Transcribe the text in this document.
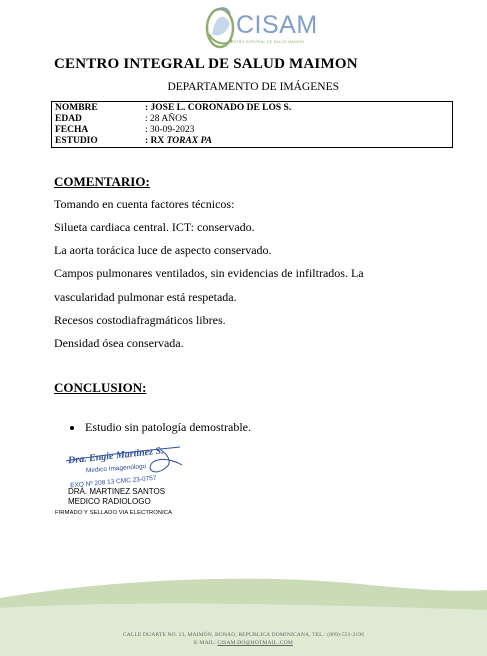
CISAM
CENTRO INTEGRAL DE SALUD MAIMON
CENTRO INTEGRAL DE SALUD MAIMON
DEPARTAMENTO DE IMÁGENES
NOMBRE	: JOSE L. CORONADO DE LOS S.
EDAD	: 28 AÑOS
FECHA	: 30-09-2023
ESTUDIO	: RX TORAX PA
COMENTARIO:
Tomando en cuenta factores técnicos:
Silueta cardiaca central. ICT: conservado.
La aorta torácica luce de aspecto conservado.
Campos pulmonares ventilados, sin evidencias de infiltrados. La
vascularidad pulmonar está respetada.
Recesos costodiafragmáticos libres.
Densidad ósea conservada.
CONCLUSION:
Estudio sin patología demostrable.
Dra. Engie Martinez S.
Medico Imagenólogo
EXQ Nº 208 13 CMC 23-0757
DRA. MARTINEZ SANTOS
MEDICO RADIOLOGO
FIRMADO Y SELLADO VIA ELECTRONICA
CALLE DUARTE NO. 13, MAIMÓN, BONAO, REPUBLICA DOMINICANA, TEL.: (809)-551-2196
E-MAIL: CISAM.DO@HOTMAIL .COM
